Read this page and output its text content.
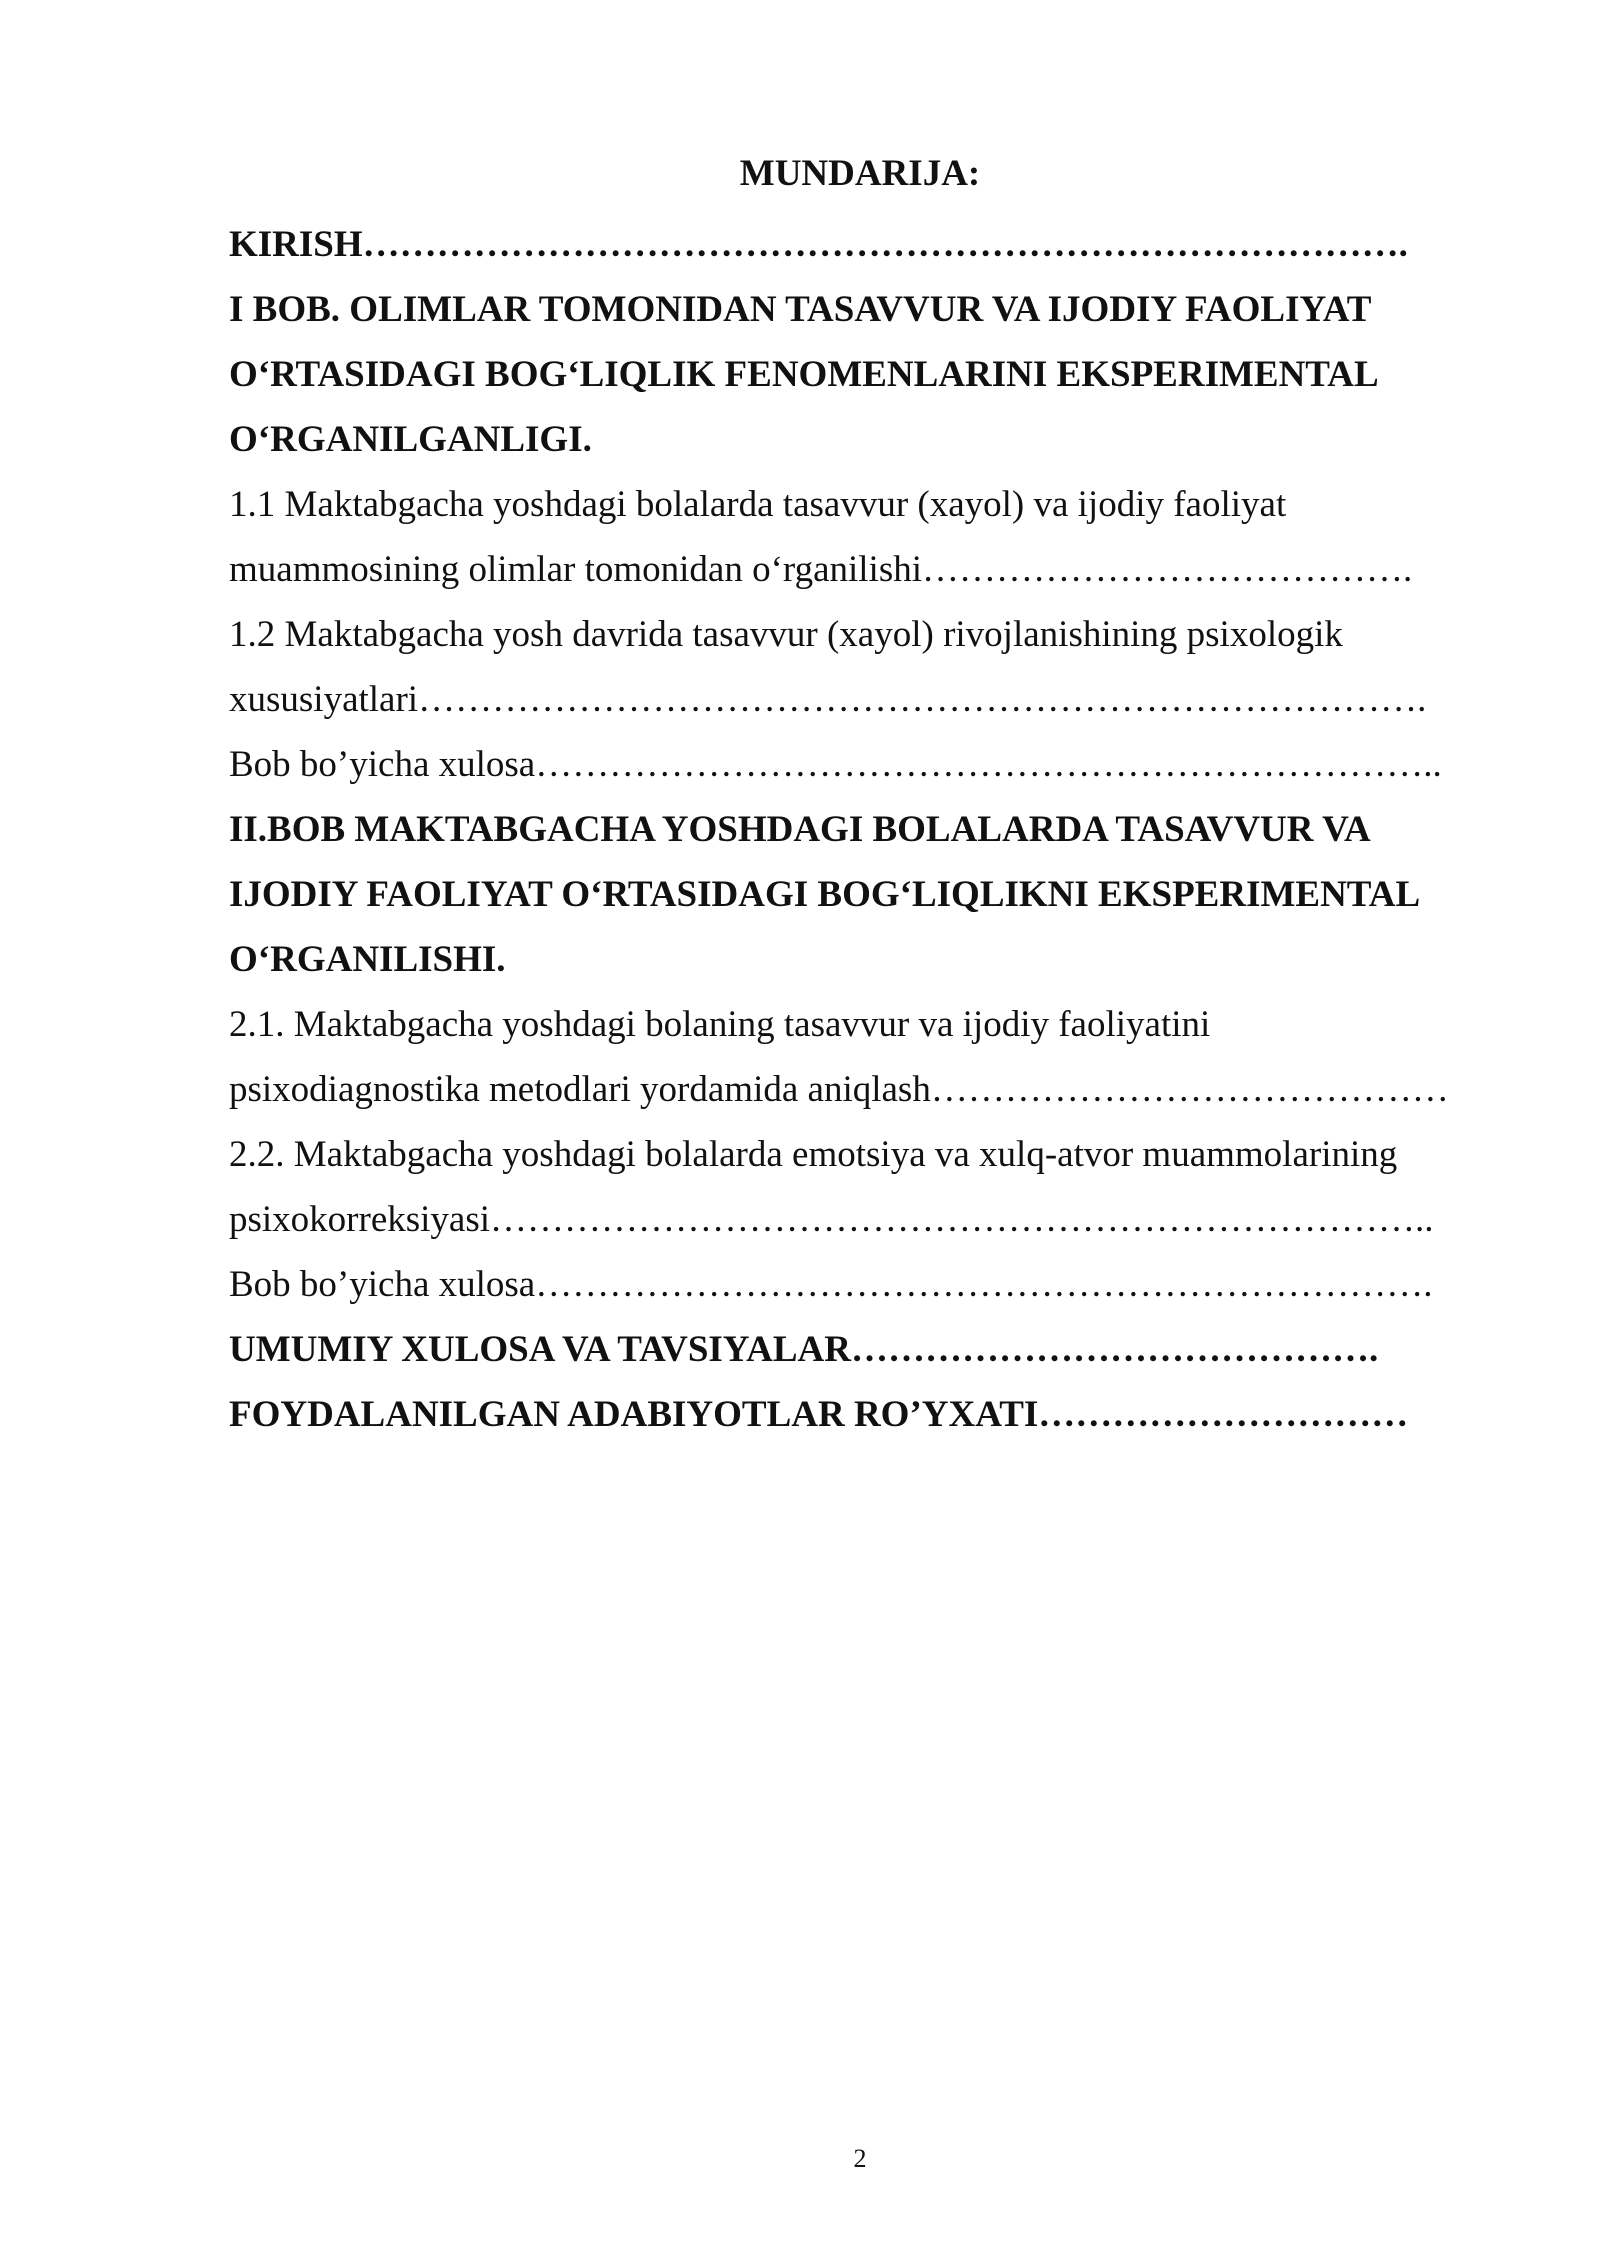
MUNDARIJA:
KIRISH………………………………………………………………………….
I BOB. OLIMLAR TOMONIDAN TASAVVUR VA IJODIY FAOLIYAT
O‘RTASIDAGI BOG‘LIQLIK FENOMENLARINI EKSPERIMENTAL
O‘RGANILGANLIGI.
1.1 Maktabgacha yoshdagi bolalarda tasavvur (xayol) va ijodiy faoliyat
muammosining olimlar tomonidan o‘rganilishi………………………………….
1.2 Maktabgacha yosh davrida tasavvur (xayol) rivojlanishining psixologik
xususiyatlari……………………………………………………………………….
Bob bo’yicha xulosa………………………………………………………………..
II.BOB MAKTABGACHA YOSHDAGI BOLALARDA TASAVVUR VA
IJODIY FAOLIYAT O‘RTASIDAGI BOG‘LIQLIKNI EKSPERIMENTAL
O‘RGANILISHI.
2.1. Maktabgacha yoshdagi bolaning tasavvur va ijodiy faoliyatini
psixodiagnostika metodlari yordamida aniqlash……………………………………
2.2. Maktabgacha yoshdagi bolalarda emotsiya va xulq-atvor muammolarining
psixokorreksiyasi…………………………………………………………………..
Bob bo’yicha xulosa……………………………………………………………….
UMUMIY XULOSA VA TAVSIYALAR…………………………………….
FOYDALANILGAN ADABIYOTLAR RO’YXATI…………………………
2
